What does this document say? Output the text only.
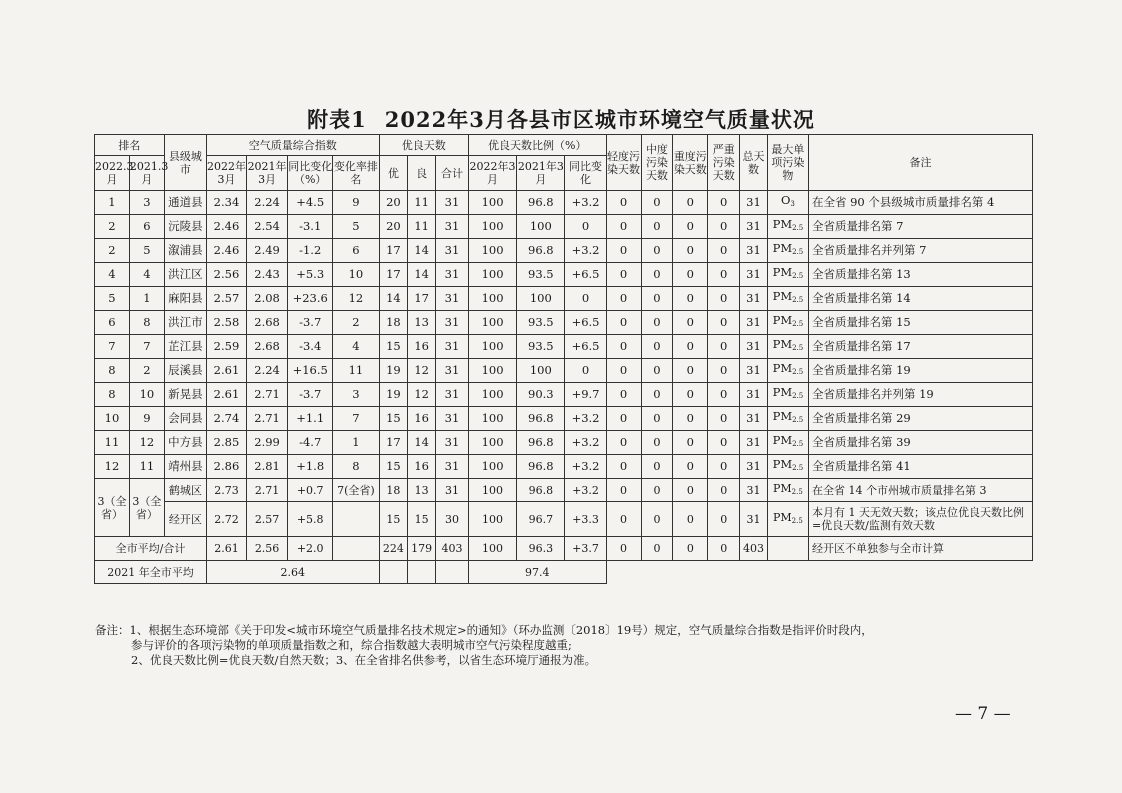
附表1 2022年3月各县市区城市环境空气质量状况
排名		县级城市	空气质量综合指数				优良天数			优良天数比例（%）			轻度污染天数	中度污染天数	重度污染天数	严重污染天数	总天数	最大单项污染物	备注
2022.3月	2021.3月		2022年3月	2021年3月	同比变化（%）	变化率排名	优	良	合计	2022年3月	2021年3月	同比变化							
1	3	通道县	2.34	2.24	+4.5	9	20	11	31	100	96.8	+3.2	0	0	0	0	31	$O_3$	在全省 90 个县级城市质量排名第 4
2	6	沅陵县	2.46	2.54	-3.1	5	20	11	31	100	100	0	0	0	0	0	31	$PM_{2.5}$	全省质量排名第 7
2	5	溆浦县	2.46	2.49	-1.2	6	17	14	31	100	96.8	+3.2	0	0	0	0	31	$PM_{2.5}$	全省质量排名并列第 7
4	4	洪江区	2.56	2.43	+5.3	10	17	14	31	100	93.5	+6.5	0	0	0	0	31	$PM_{2.5}$	全省质量排名第 13
5	1	麻阳县	2.57	2.08	+23.6	12	14	17	31	100	100	0	0	0	0	0	31	$PM_{2.5}$	全省质量排名第 14
6	8	洪江市	2.58	2.68	-3.7	2	18	13	31	100	93.5	+6.5	0	0	0	0	31	$PM_{2.5}$	全省质量排名第 15
7	7	芷江县	2.59	2.68	-3.4	4	15	16	31	100	93.5	+6.5	0	0	0	0	31	$PM_{2.5}$	全省质量排名第 17
8	2	辰溪县	2.61	2.24	+16.5	11	19	12	31	100	100	0	0	0	0	0	31	$PM_{2.5}$	全省质量排名第 19
8	10	新晃县	2.61	2.71	-3.7	3	19	12	31	100	90.3	+9.7	0	0	0	0	31	$PM_{2.5}$	全省质量排名并列第 19
10	9	会同县	2.74	2.71	+1.1	7	15	16	31	100	96.8	+3.2	0	0	0	0	31	$PM_{2.5}$	全省质量排名第 29
11	12	中方县	2.85	2.99	-4.7	1	17	14	31	100	96.8	+3.2	0	0	0	0	31	$PM_{2.5}$	全省质量排名第 39
12	11	靖州县	2.86	2.81	+1.8	8	15	16	31	100	96.8	+3.2	0	0	0	0	31	$PM_{2.5}$	全省质量排名第 41
3（全省）	3（全省）	鹤城区	2.73	2.71	+0.7	7(全省)	18	13	31	100	96.8	+3.2	0	0	0	0	31	$PM_{2.5}$	在全省 14 个市州城市质量排名第 3
		经开区	2.72	2.57	+5.8		15	15	30	100	96.7	+3.3	0	0	0	0	31	$PM_{2.5}$	本月有 1 天无效天数；该点位优良天数比例=优良天数/监测有效天数
全市平均/合计			2.61	2.56	+2.0		224	179	403	100	96.3	+3.7	0	0	0	0	403		经开区不单独参与全市计算
2021 年全市平均			2.64							97.4									
备注：1、根据生态环境部《关于印发<城市环境空气质量排名技术规定>的通知》（环办监测〔2018〕19号）规定，空气质量综合指数是指评价时段内，
参与评价的各项污染物的单项质量指数之和，综合指数越大表明城市空气污染程度越重;
2、优良天数比例=优良天数/自然天数；3、在全省排名供参考，以省生态环境厅通报为准。
— 7 —
